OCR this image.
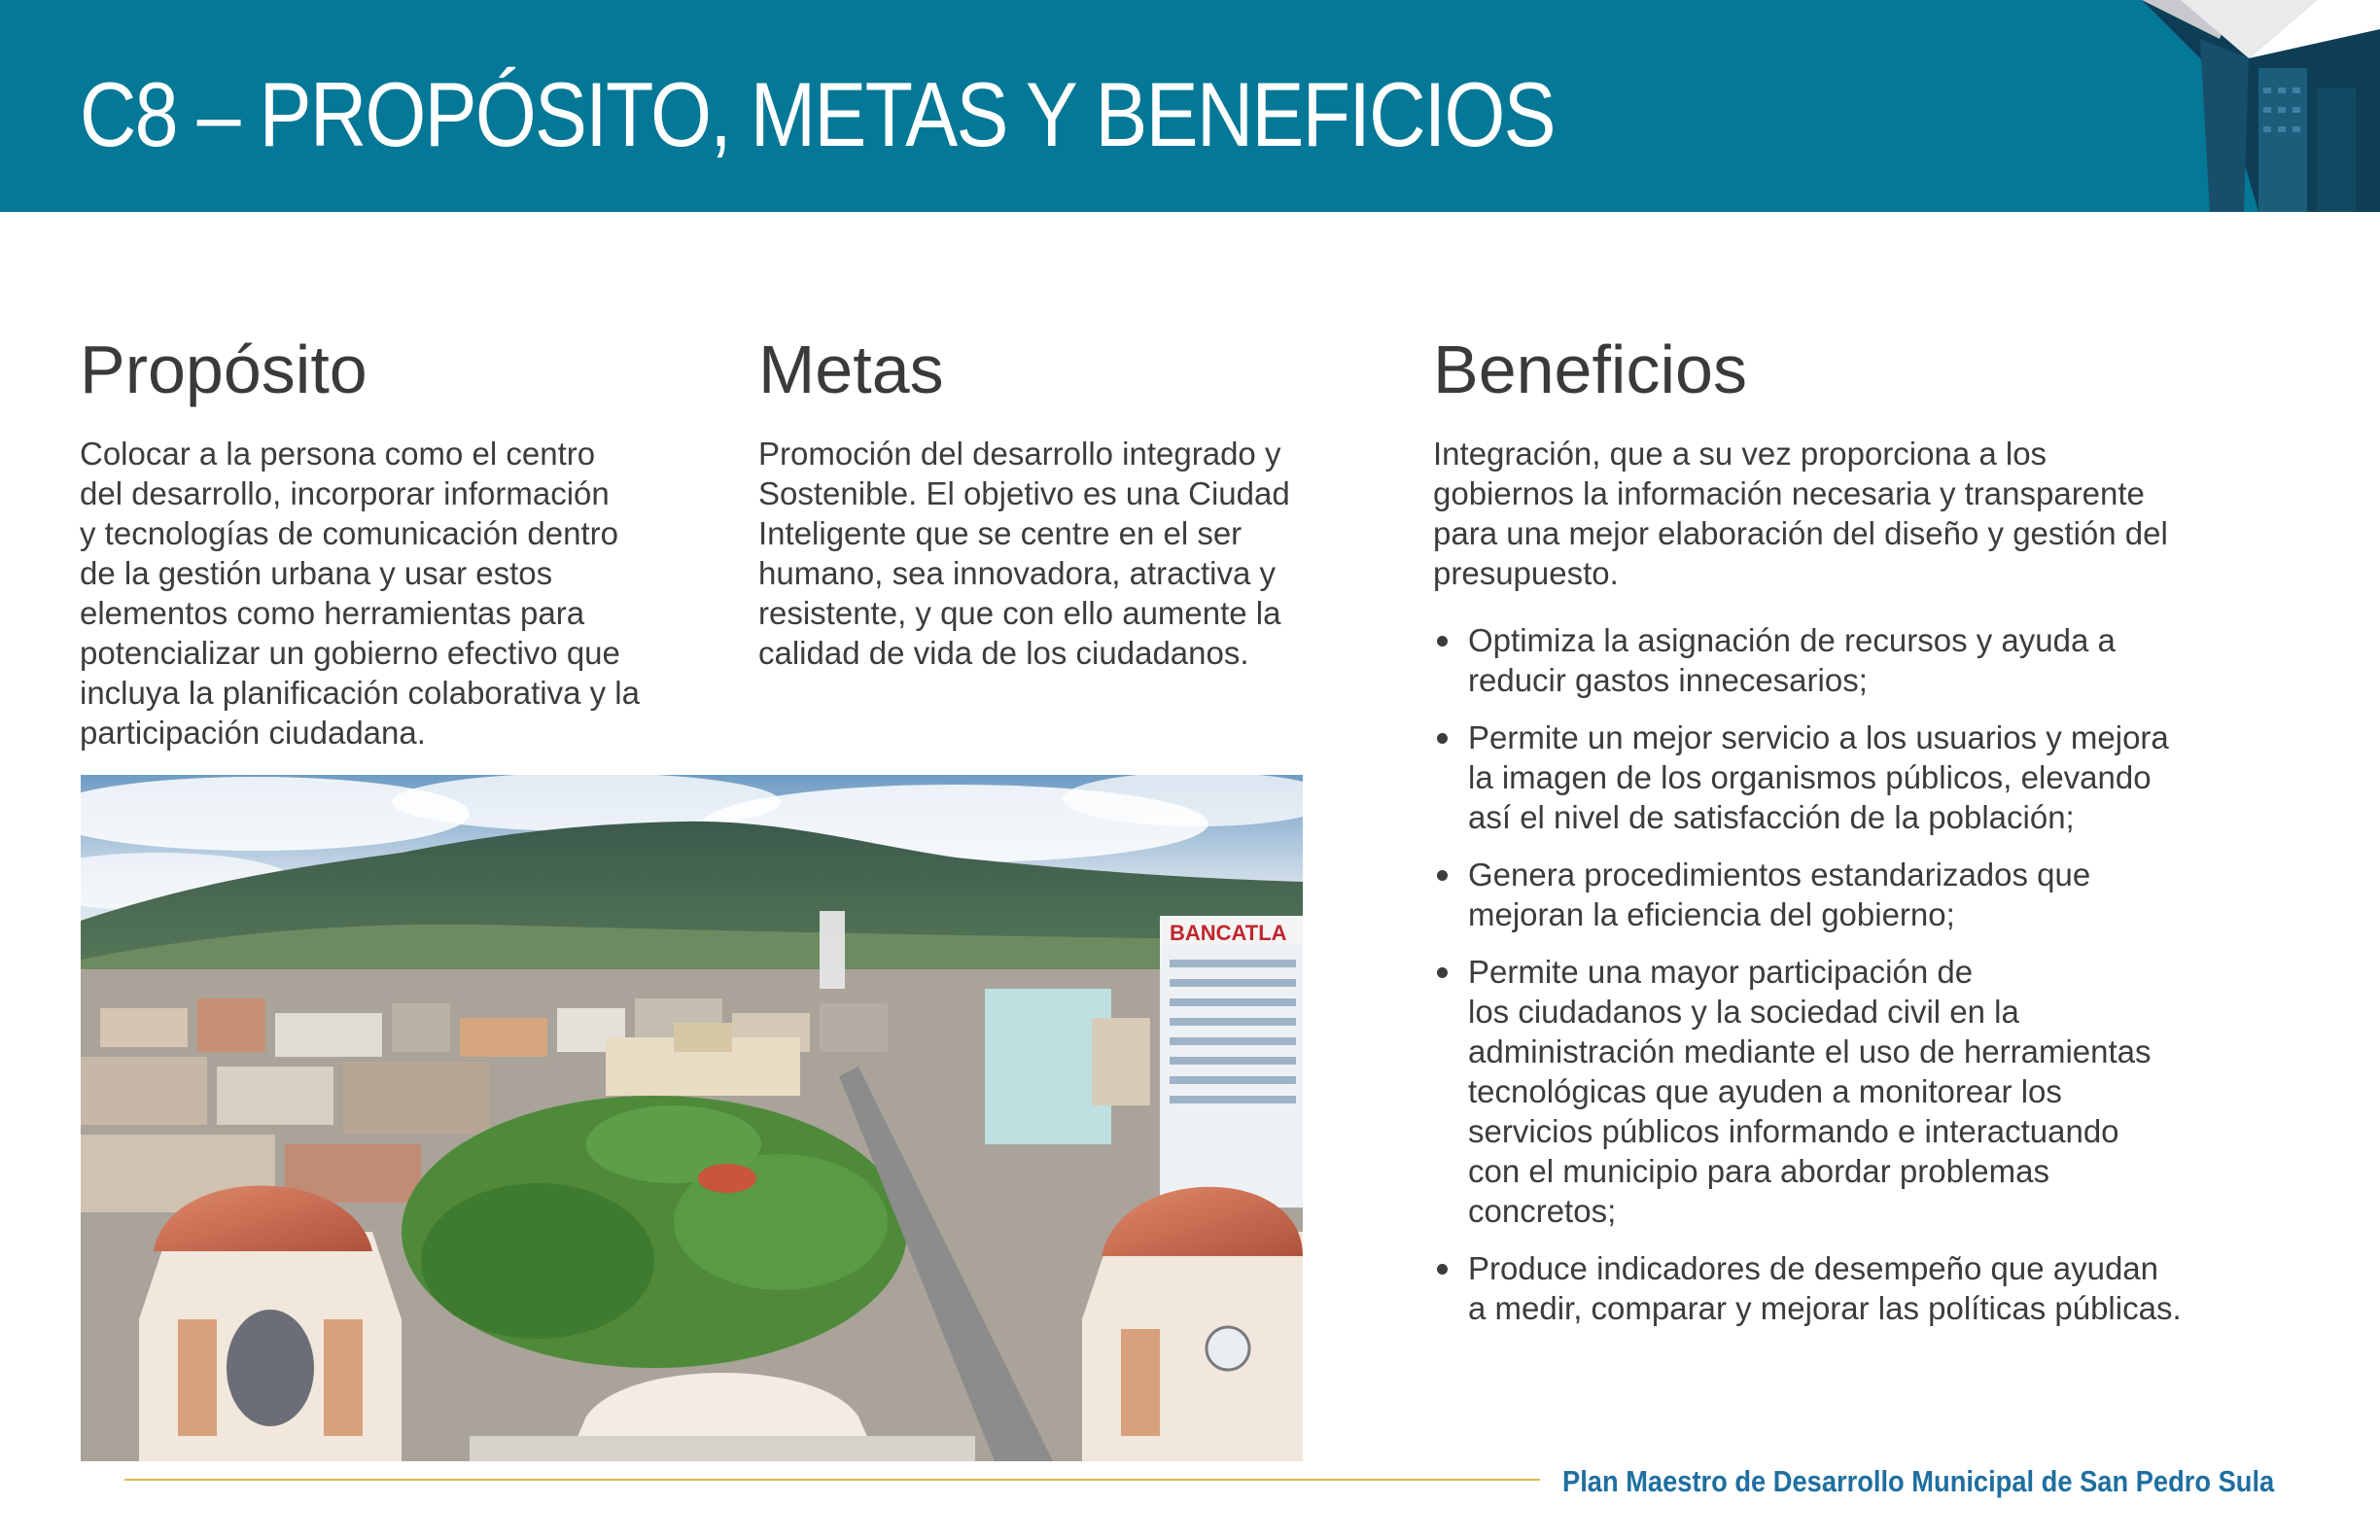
C8 – PROPÓSITO, METAS Y BENEFICIOS
Propósito

Colocar a la persona como el centro
del desarrollo, incorporar información
y tecnologías de comunicación dentro
de la gestión urbana y usar estos
elementos como herramientas para
potencializar un gobierno efectivo que
incluya la planificación colaborativa y la
participación ciudadana.

Metas

Promoción del desarrollo integrado y
Sostenible. El objetivo es una Ciudad
Inteligente que se centre en el ser
humano, sea innovadora, atractiva y
resistente, y que con ello aumente la
calidad de vida de los ciudadanos.

Beneficios

Integración, que a su vez proporciona a los
gobiernos la información necesaria y transparente
para una mejor elaboración del diseño y gestión del
presupuesto.

Optimiza la asignación de recursos y ayuda a
reducir gastos innecesarios;
Permite un mejor servicio a los usuarios y mejora
la imagen de los organismos públicos, elevando
así el nivel de satisfacción de la población;
Genera procedimientos estandarizados que
mejoran la eficiencia del gobierno;
Permite una mayor participación de
los ciudadanos y la sociedad civil en la
administración mediante el uso de herramientas
tecnológicas que ayuden a monitorear los
servicios públicos informando e interactuando
con el municipio para abordar problemas
concretos;
Produce indicadores de desempeño que ayudan
a medir, comparar y mejorar las políticas públicas.
BANCATLA
Plan Maestro de Desarrollo Municipal de San Pedro Sula
